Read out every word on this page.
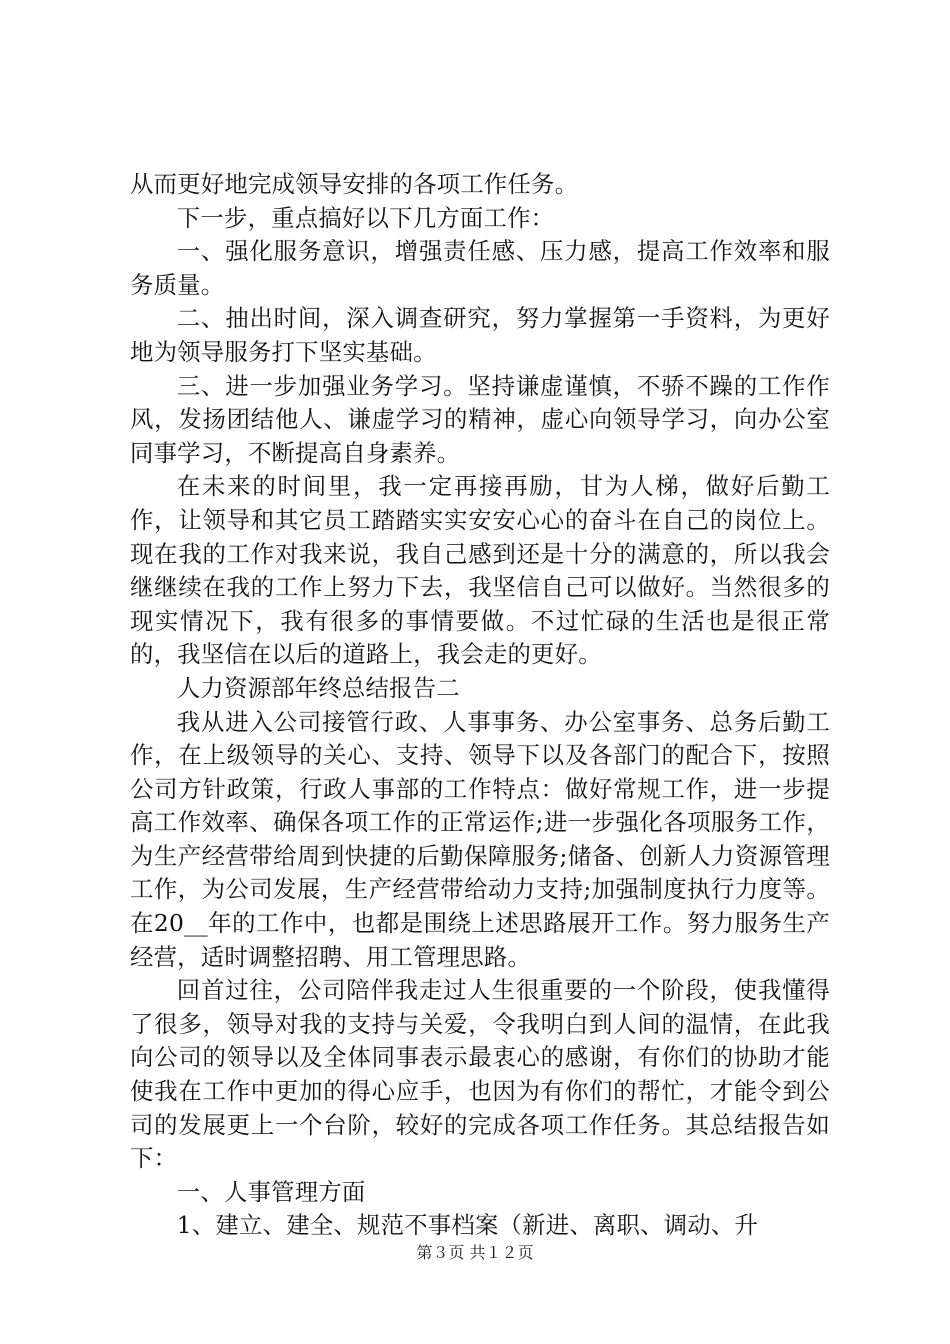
从而更好地完成领导安排的各项工作任务。

下一步，重点搞好以下几方面工作：

一、强化服务意识，增强责任感、压力感，提高工作效率和服务质量。

二、抽出时间，深入调查研究，努力掌握第一手资料，为更好地为领导服务打下坚实基础。

三、进一步加强业务学习。坚持谦虚谨慎，不骄不躁的工作作风，发扬团结他人、谦虚学习的精神，虚心向领导学习，向办公室同事学习，不断提高自身素养。

在未来的时间里，我一定再接再励，甘为人梯，做好后勤工作，让领导和其它员工踏踏实实安安心心的奋斗在自己的岗位上。现在我的工作对我来说，我自己感到还是十分的满意的，所以我会继继续在我的工作上努力下去，我坚信自己可以做好。当然很多的现实情况下，我有很多的事情要做。不过忙碌的生活也是很正常的，我坚信在以后的道路上，我会走的更好。

人力资源部年终总结报告二

我从进入公司接管行政、人事事务、办公室事务、总务后勤工作，在上级领导的关心、支持、领导下以及各部门的配合下，按照公司方针政策，行政人事部的工作特点：做好常规工作，进一步提高工作效率、确保各项工作的正常运作;进一步强化各项服务工作，为生产经营带给周到快捷的后勤保障服务;储备、创新人力资源管理工作，为公司发展，生产经营带给动力支持;加强制度执行力度等。在20__年的工作中，也都是围绕上述思路展开工作。努力服务生产经营，适时调整招聘、用工管理思路。

回首过往，公司陪伴我走过人生很重要的一个阶段，使我懂得了很多，领导对我的支持与关爱，令我明白到人间的温情，在此我向公司的领导以及全体同事表示最衷心的感谢，有你们的协助才能使我在工作中更加的得心应手，也因为有你们的帮忙，才能令到公司的发展更上一个台阶，较好的完成各项工作任务。其总结报告如下：

一、人事管理方面

1、建立、建全、规范不事档案（新进、离职、调动、升

第３页 共１２页
